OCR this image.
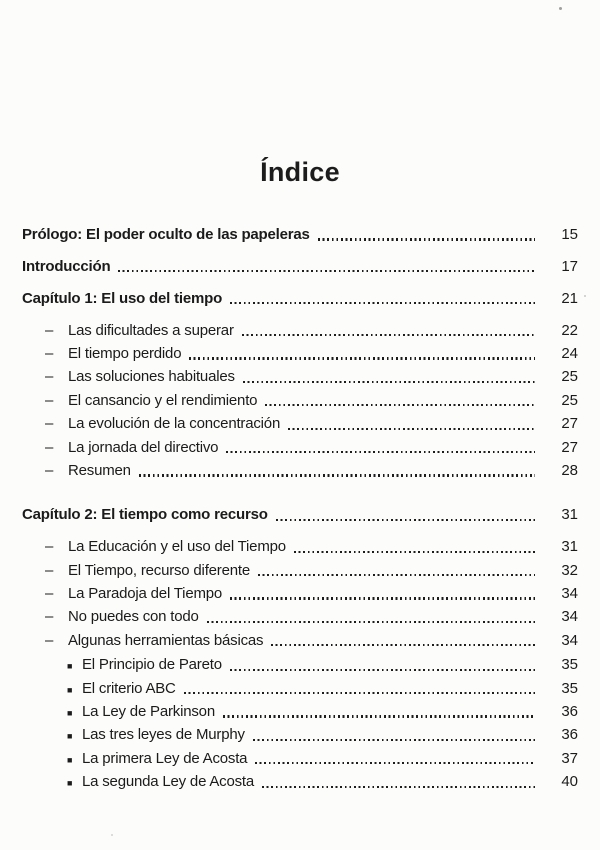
Índice
Prólogo: El poder oculto de las papeleras	15
Introducción	17
Capítulo 1: El uso del tiempo	21
– Las dificultades a superar	22
– El tiempo perdido	24
– Las soluciones habituales	25
– El cansancio y el rendimiento	25
– La evolución de la concentración	27
– La jornada del directivo	27
– Resumen	28
Capítulo 2: El tiempo como recurso	31
– La Educación y el uso del Tiempo	31
– El Tiempo, recurso diferente	32
– La Paradoja del Tiempo	34
– No puedes con todo	34
– Algunas herramientas básicas	34
■ El Principio de Pareto	35
■ El criterio ABC	35
■ La Ley de Parkinson	36
■ Las tres leyes de Murphy	36
■ La primera Ley de Acosta	37
■ La segunda Ley de Acosta	40
